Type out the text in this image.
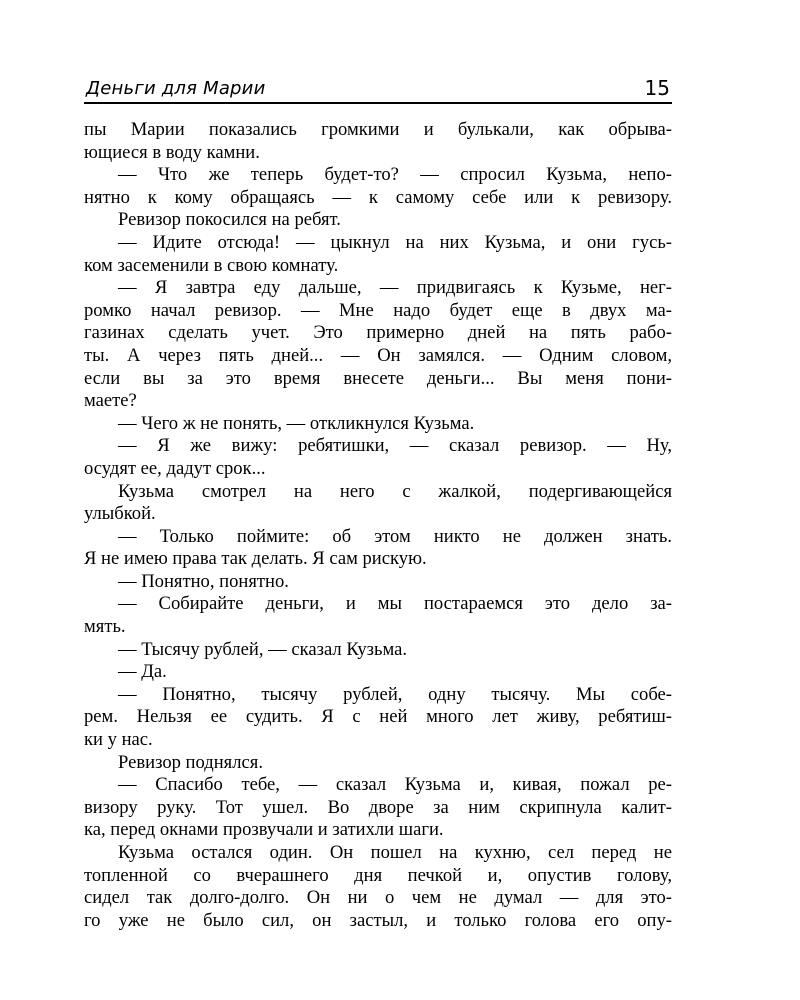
Деньги для Марии	15
пы Марии показались громкими и булькали, как обрыва-
ющиеся в воду камни.
— Что же теперь будет-то? — спросил Кузьма, непо-
нятно к кому обращаясь — к самому себе или к ревизору.
Ревизор покосился на ребят.
— Идите отсюда! — цыкнул на них Кузьма, и они гусь-
ком засеменили в свою комнату.
— Я завтра еду дальше, — придвигаясь к Кузьме, нег-
ромко начал ревизор. — Мне надо будет еще в двух ма-
газинах сделать учет. Это примерно дней на пять рабо-
ты. А через пять дней... — Он замялся. — Одним словом,
если вы за это время внесете деньги... Вы меня пони-
маете?
— Чего ж не понять, — откликнулся Кузьма.
— Я же вижу: ребятишки, — сказал ревизор. — Ну,
осудят ее, дадут срок...
Кузьма смотрел на него с жалкой, подергивающейся
улыбкой.
— Только поймите: об этом никто не должен знать.
Я не имею права так делать. Я сам рискую.
— Понятно, понятно.
— Собирайте деньги, и мы постараемся это дело за-
мять.
— Тысячу рублей, — сказал Кузьма.
— Да.
— Понятно, тысячу рублей, одну тысячу. Мы собе-
рем. Нельзя ее судить. Я с ней много лет живу, ребятиш-
ки у нас.
Ревизор поднялся.
— Спасибо тебе, — сказал Кузьма и, кивая, пожал ре-
визору руку. Тот ушел. Во дворе за ним скрипнула калит-
ка, перед окнами прозвучали и затихли шаги.
Кузьма остался один. Он пошел на кухню, сел перед не
топленной со вчерашнего дня печкой и, опустив голову,
сидел так долго-долго. Он ни о чем не думал — для это-
го уже не было сил, он застыл, и только голова его опу-
